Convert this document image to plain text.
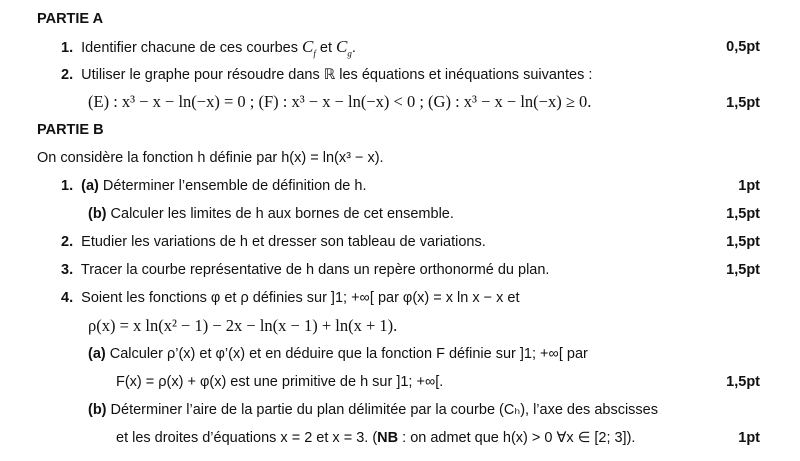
PARTIE A
1. Identifier chacune de ces courbes $C_f$ et $C_g$.	0,5pt
2. Utiliser le graphe pour résoudre dans ℝ les équations et inéquations suivantes :
(E) : x³ − x − ln(−x) = 0 ; (F) : x³ − x − ln(−x) < 0 ; (G) : x³ − x − ln(−x) ≥ 0.	1,5pt
PARTIE B
On considère la fonction h définie par h(x) = ln(x³ − x).
1. (a) Déterminer l’ensemble de définition de h.	1pt
(b) Calculer les limites de h aux bornes de cet ensemble.	1,5pt
2. Etudier les variations de h et dresser son tableau de variations.	1,5pt
3. Tracer la courbe représentative de h dans un repère orthonormé du plan.	1,5pt
4. Soient les fonctions φ et ρ définies sur ]1; +∞[ par φ(x) = x ln x − x et
ρ(x) = x ln(x² − 1) − 2x − ln(x − 1) + ln(x + 1).
(a) Calculer ρ’(x) et φ’(x) et en déduire que la fonction F définie sur ]1; +∞[ par
F(x) = ρ(x) + φ(x) est une primitive de h sur ]1; +∞[.	1,5pt
(b) Déterminer l’aire de la partie du plan délimitée par la courbe (Cₕ), l’axe des abscisses
et les droites d’équations x = 2 et x = 3. (NB : on admet que h(x) > 0 ∀x ∈ [2; 3]).	1pt
